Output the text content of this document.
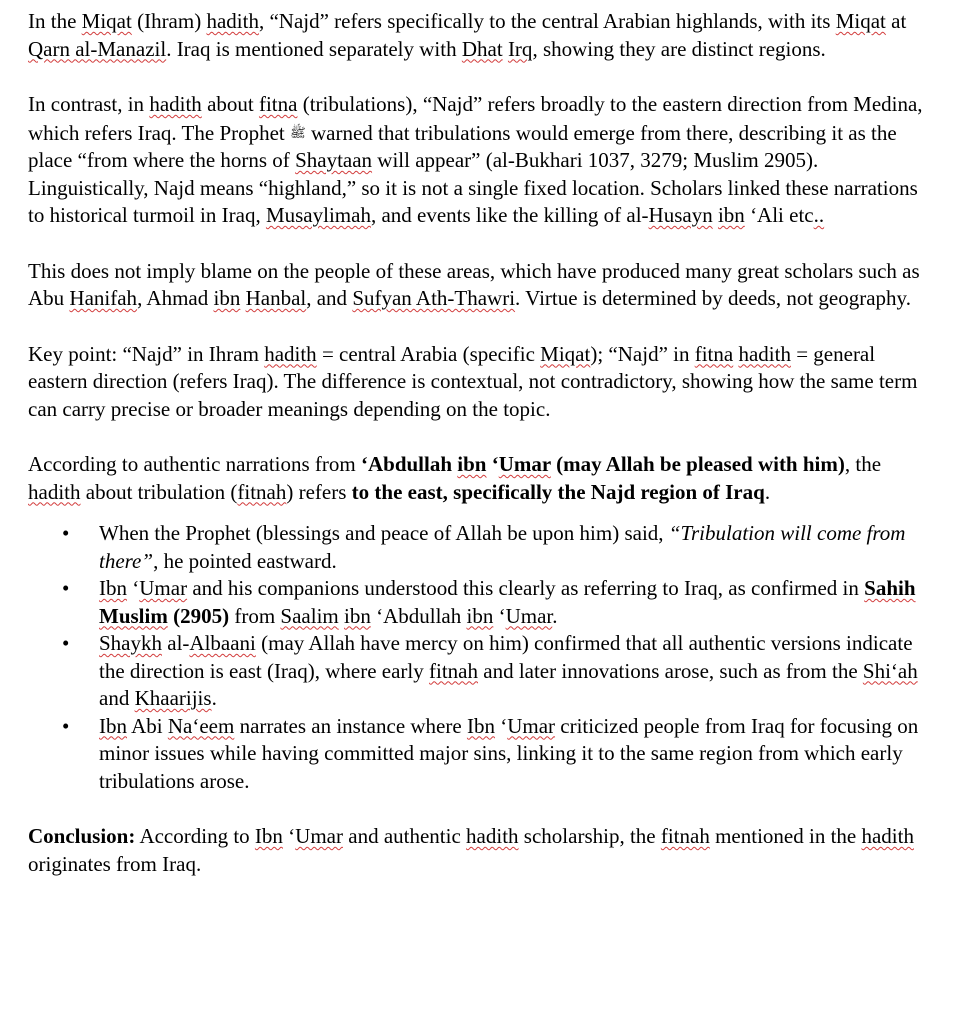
In the Miqat (Ihram) hadith, “Najd” refers specifically to the central Arabian highlands, with its Miqat at Qarn al-Manazil. Iraq is mentioned separately with Dhat Irq, showing they are distinct regions.

In contrast, in hadith about fitna (tribulations), “Najd” refers broadly to the eastern direction from Medina, which refers Iraq. The Prophet ﷺ warned that tribulations would emerge from there, describing it as the place “from where the horns of Shaytaan will appear” (al-Bukhari 1037, 3279; Muslim 2905). Linguistically, Najd means “highland,” so it is not a single fixed location. Scholars linked these narrations to historical turmoil in Iraq, Musaylimah, and events like the killing of al-Husayn ibn ‘Ali etc..

This does not imply blame on the people of these areas, which have produced many great scholars such as Abu Hanifah, Ahmad ibn Hanbal, and Sufyan Ath-Thawri. Virtue is determined by deeds, not geography.

Key point: “Najd” in Ihram hadith = central Arabia (specific Miqat); “Najd” in fitna hadith = general eastern direction (refers Iraq). The difference is contextual, not contradictory, showing how the same term can carry precise or broader meanings depending on the topic.

According to authentic narrations from ‘Abdullah ibn ‘Umar (may Allah be pleased with him), the hadith about tribulation (fitnah) refers to the east, specifically the Najd region of Iraq.

• When the Prophet (blessings and peace of Allah be upon him) said, “Tribulation will come from there”, he pointed eastward.
• Ibn ‘Umar and his companions understood this clearly as referring to Iraq, as confirmed in Sahih Muslim (2905) from Saalim ibn ‘Abdullah ibn ‘Umar.
• Shaykh al-Albaani (may Allah have mercy on him) confirmed that all authentic versions indicate the direction is east (Iraq), where early fitnah and later innovations arose, such as from the Shi‘ah and Khaarijis.
• Ibn Abi Na‘eem narrates an instance where Ibn ‘Umar criticized people from Iraq for focusing on minor issues while having committed major sins, linking it to the same region from which early tribulations arose.

Conclusion: According to Ibn ‘Umar and authentic hadith scholarship, the fitnah mentioned in the hadith originates from Iraq.
